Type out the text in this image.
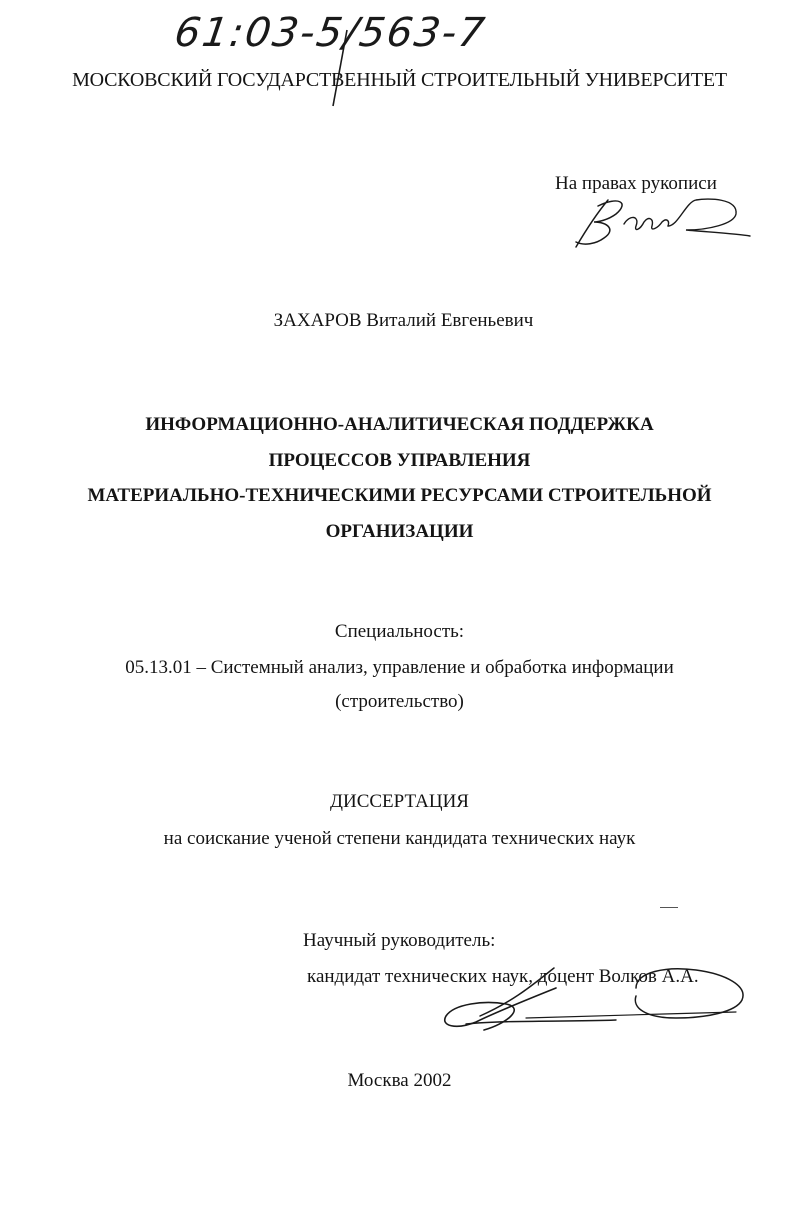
61:03-5/563-7

МОСКОВСКИЙ ГОСУДАРСТВЕННЫЙ СТРОИТЕЛЬНЫЙ УНИВЕРСИТЕТ

На правах рукописи

ЗАХАРОВ Виталий Евгеньевич

ИНФОРМАЦИОННО-АНАЛИТИЧЕСКАЯ ПОДДЕРЖКА

ПРОЦЕССОВ УПРАВЛЕНИЯ

МАТЕРИАЛЬНО-ТЕХНИЧЕСКИМИ РЕСУРСАМИ СТРОИТЕЛЬНОЙ

ОРГАНИЗАЦИИ

Специальность:

05.13.01 – Системный анализ, управление и обработка информации

(строительство)

ДИССЕРТАЦИЯ

на соискание ученой степени кандидата технических наук

Научный руководитель:
кандидат технических наук, доцент Волков А.А.

Москва 2002
